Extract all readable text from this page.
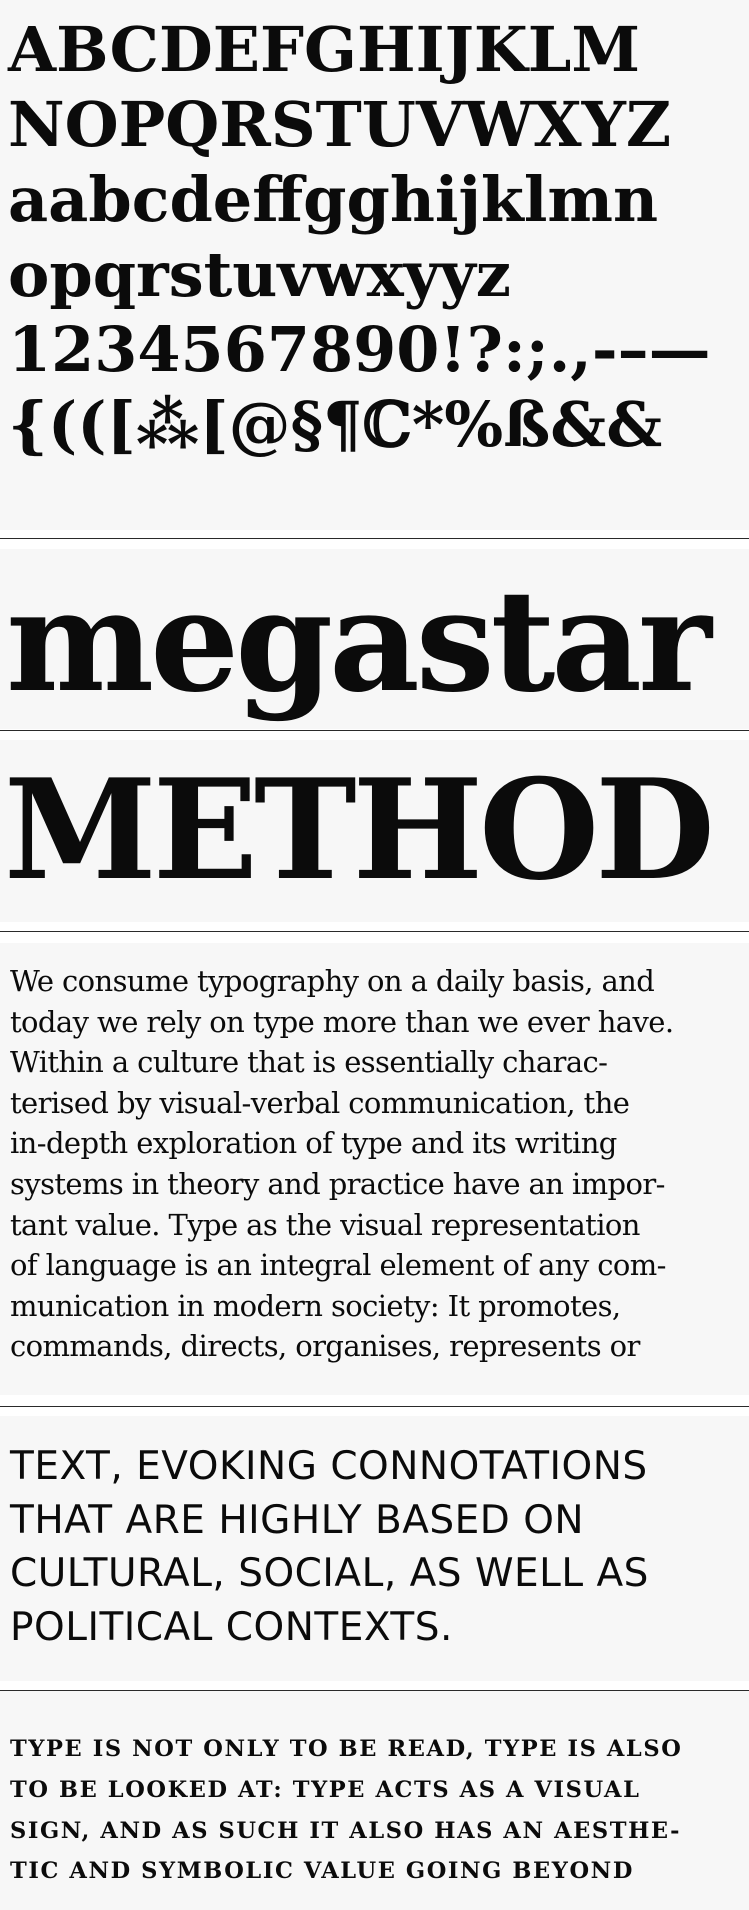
ABCDEFGHIJKLM
NOPQRSTUVWXYZ
aabcdeffgghijklmn
opqrstuvwxyyz
1234567890!?:;.,-–—
{(([⁂[@§¶ℂ*%ß&&
megastar
METHOD
We consume typography on a daily basis, and
today we rely on type more than we ever have.
Within a culture that is essentially charac-
terised by visual-verbal communication, the
in-depth exploration of type and its writing
systems in theory and practice have an impor-
tant value. Type as the visual representation
of language is an integral element of any com-
munication in modern society: It promotes,
commands, directs, organises, represents or
TEXT, EVOKING CONNOTATIONS
THAT ARE HIGHLY BASED ON
CULTURAL, SOCIAL, AS WELL AS
POLITICAL CONTEXTS.
TYPE IS NOT ONLY TO BE READ, TYPE IS ALSO
TO BE LOOKED AT: TYPE ACTS AS A VISUAL
SIGN, AND AS SUCH IT ALSO HAS AN AESTHE-
TIC AND SYMBOLIC VALUE GOING BEYOND
